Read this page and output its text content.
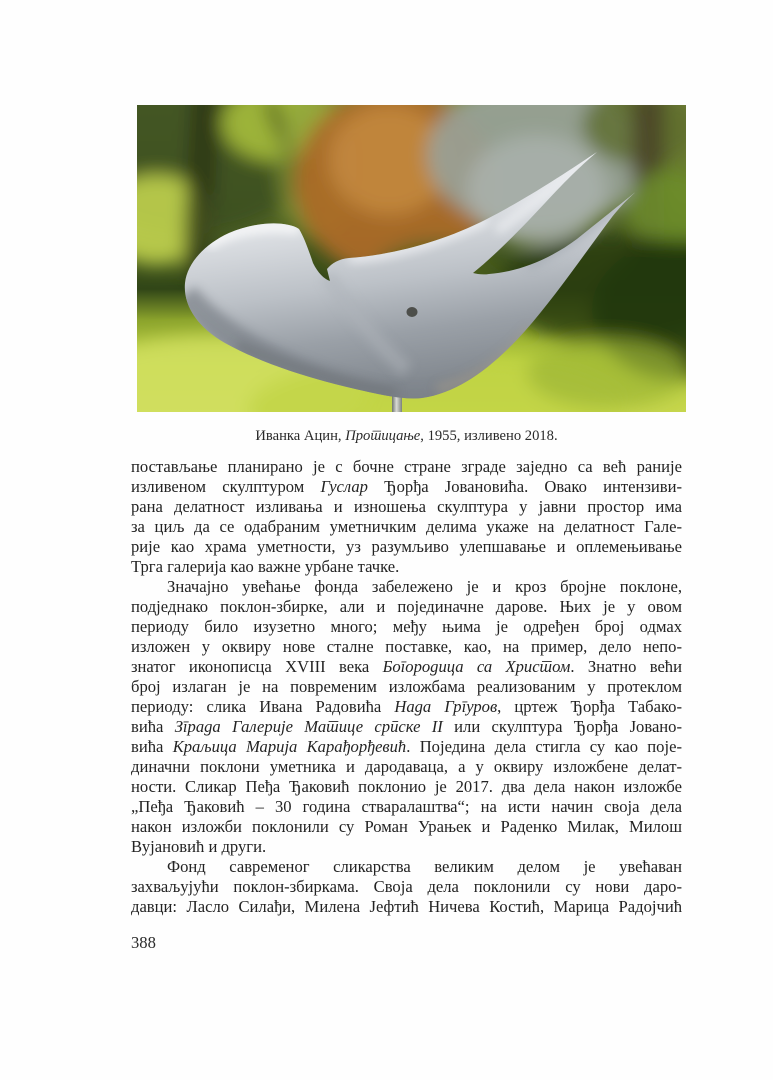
Иванка Ацин, Протицање, 1955, изливено 2018.
постављање планирано је с бочне стране зграде заједно са већ раније
изливеном скулптуром Гуслар Ђорђа Јовановића. Овако интензиви-
рана делатност изливања и изношења скулптура у јавни простор има
за циљ да се одабраним уметничким делима укаже на делатност Гале-
рије као храма уметности, уз разумљиво улепшавање и оплемењивање
Трга галерија као важне урбане тачке.
Значајно увећање фонда забележено је и кроз бројне поклоне,
подједнако поклон-збирке, али и појединачне дарове. Њих је у овом
периоду било изузетно много; међу њима је одређен број одмах
изложен у оквиру нове сталне поставке, као, на пример, дело непо-
знатог иконописца XVIII века Богородица са Христом. Знатно већи
број излаган је на повременим изложбама реализованим у протеклом
периоду: слика Ивана Радовића Нада Гргуров, цртеж Ђорђа Табако-
вића Зграда Галерије Матице српске II или скулптура Ђорђа Јовано-
вића Краљица Марија Карађорђевић. Поједина дела стигла су као поје-
диначни поклони уметника и дародаваца, а у оквиру изложбене делат-
ности. Сликар Пеђа Ђаковић поклонио је 2017. два дела након изложбе
„Пеђа Ђаковић – 30 година стваралаштва“; на исти начин своја дела
након изложби поклонили су Роман Урањек и Раденко Милак, Милош
Вујановић и други.
Фонд савременог сликарства великим делом је увећаван
захваљујући поклон-збиркама. Своја дела поклонили су нови даро-
давци: Ласло Силађи, Милена Јефтић Ничева Костић, Марица Радојчић
388
